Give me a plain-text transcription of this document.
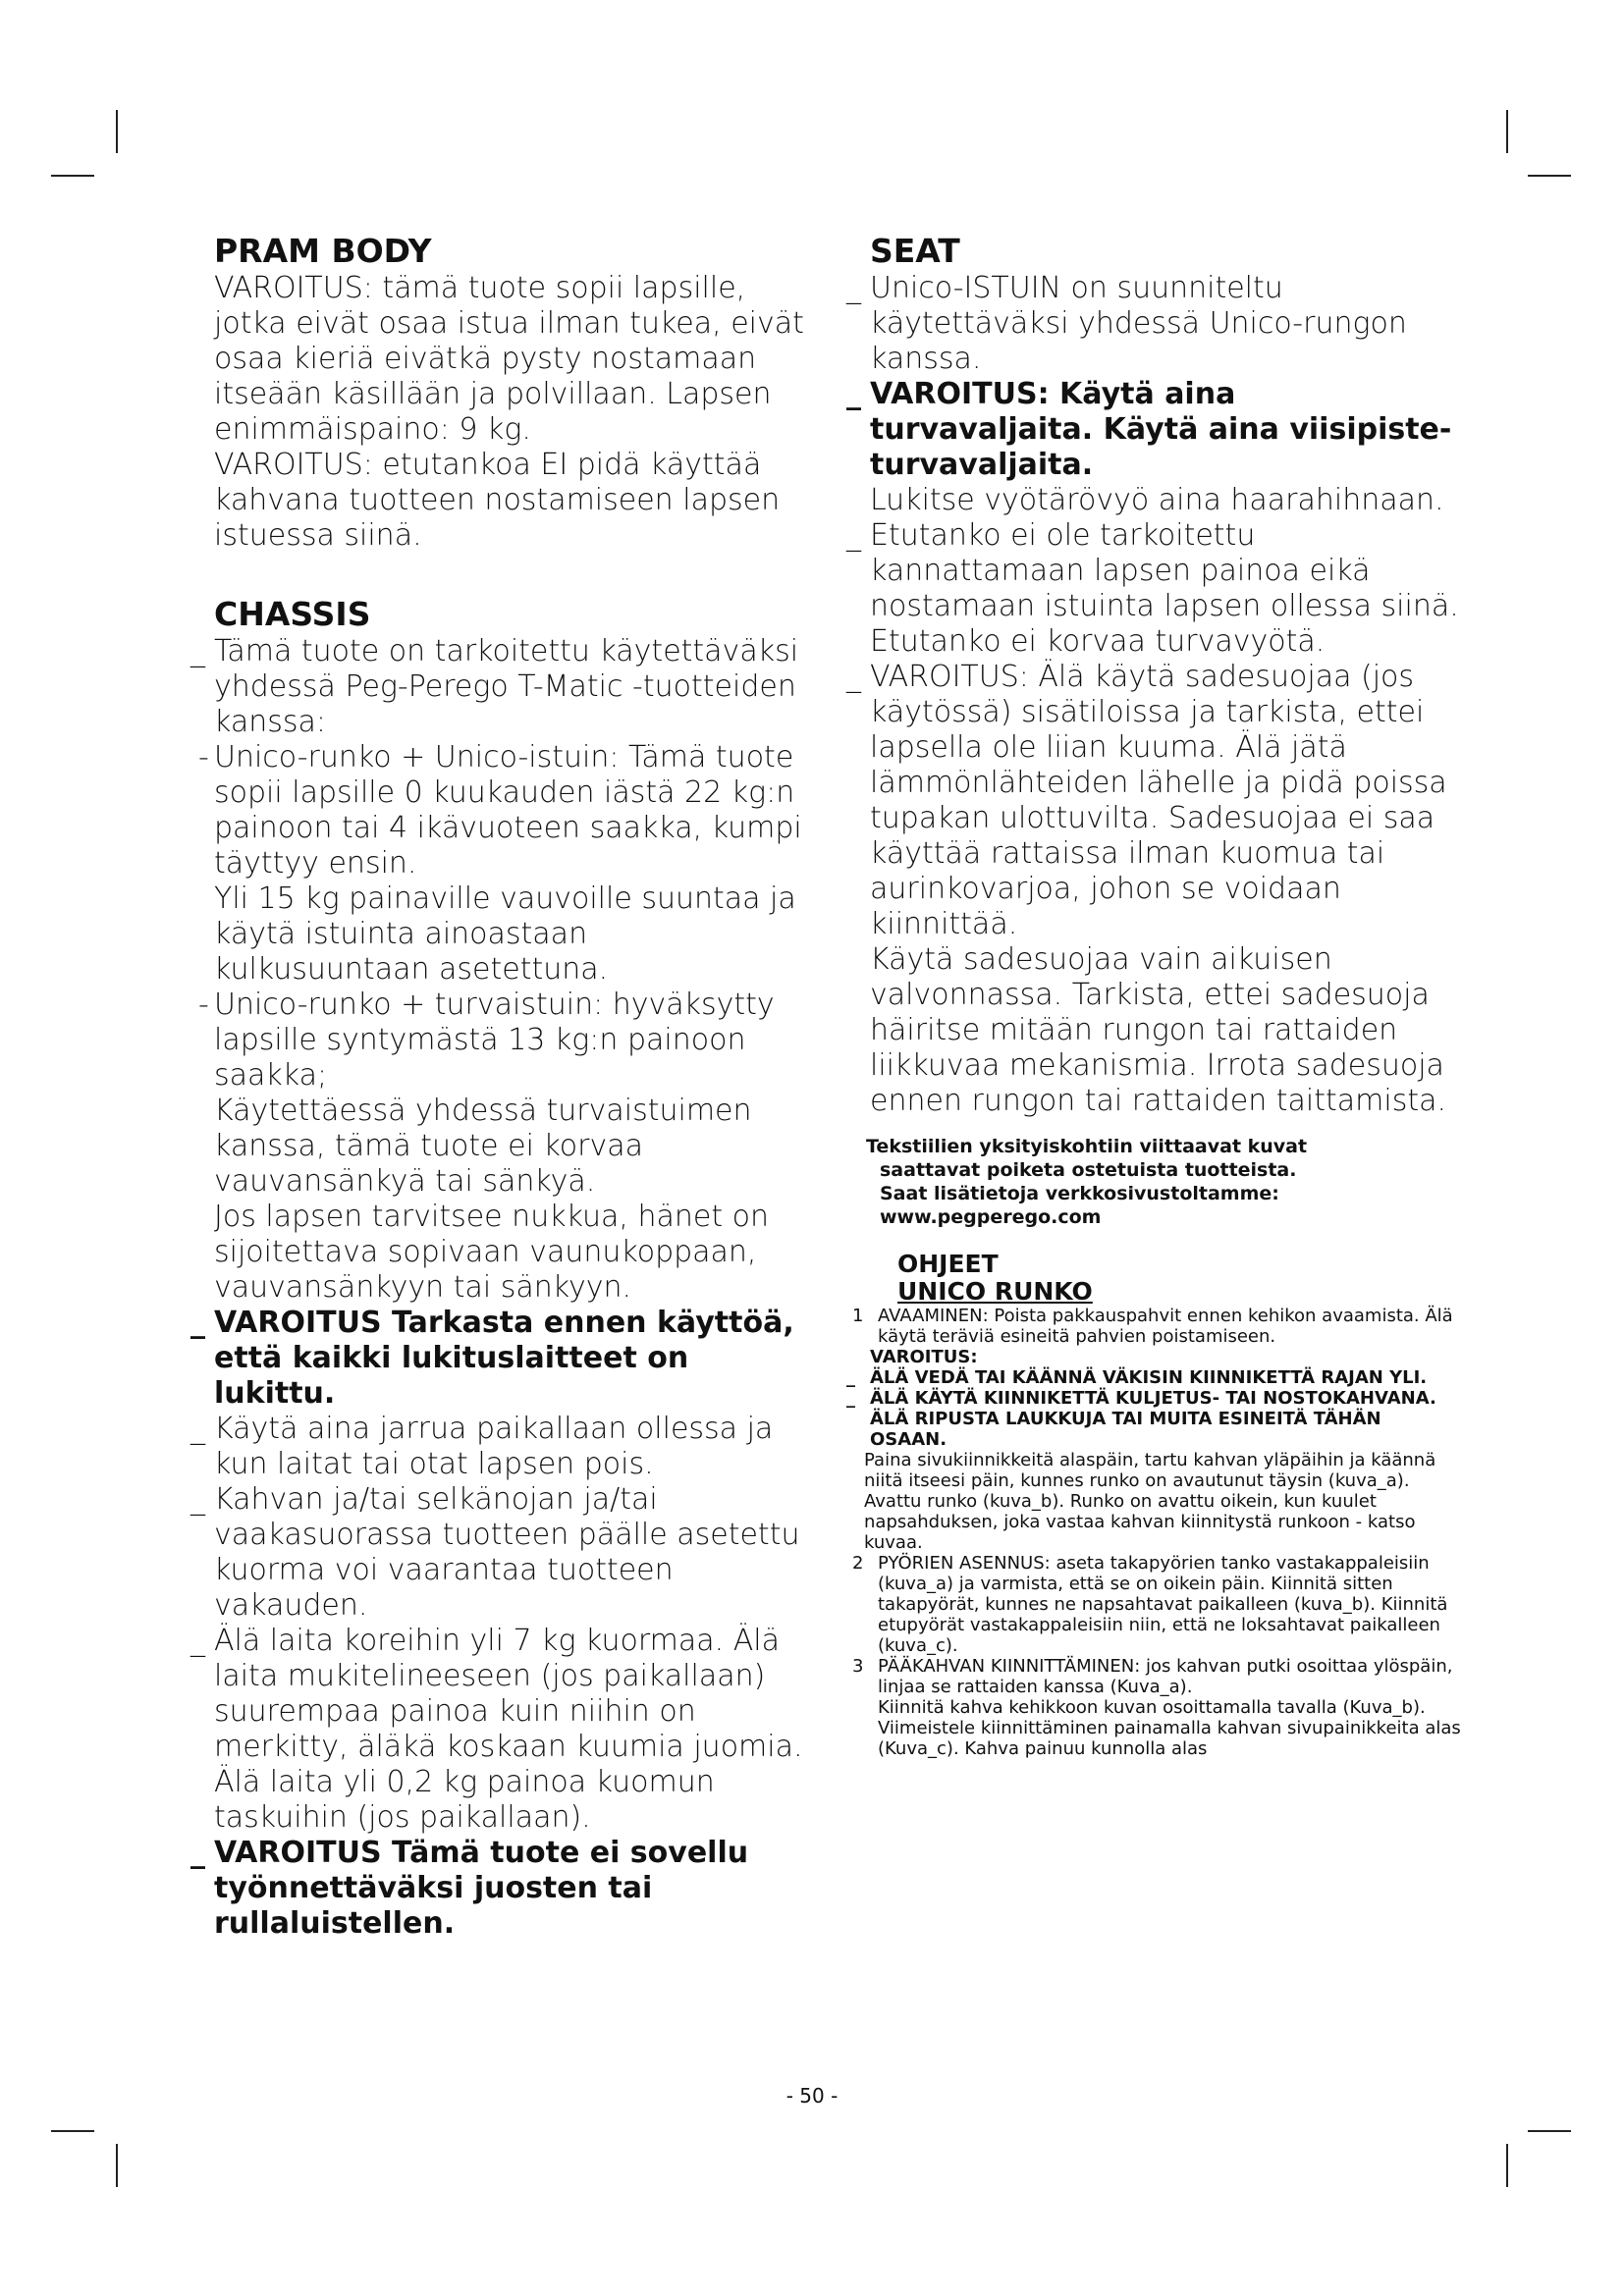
PRAM BODY

VAROITUS: tämä tuote sopii lapsille, jotka eivät osaa istua ilman tukea, eivät osaa kieriä eivätkä pysty nostamaan itseään käsillään ja polvillaan. Lapsen enimmäispaino: 9 kg.

VAROITUS: etutankoa EI pidä käyttää kahvana tuotteen nostamiseen lapsen istuessa siinä.

CHASSIS
_ Tämä tuote on tarkoitettu käytettäväksi yhdessä Peg-Perego T-Matic -tuotteiden kanssa:

- Unico-runko + Unico-istuin: Tämä tuote sopii lapsille 0 kuukauden iästä 22 kg:n painoon tai 4 ikävuoteen saakka, kumpi täyttyy ensin.

Yli 15 kg painaville vauvoille suuntaa ja käytä istuinta ainoastaan kulkusuuntaan asetettuna.

- Unico-runko + turvaistuin: hyväksytty lapsille syntymästä 13 kg:n painoon saakka;

Käytettäessä yhdessä turvaistuimen kanssa, tämä tuote ei korvaa vauvansänkyä tai sänkyä.

Jos lapsen tarvitsee nukkua, hänet on sijoitettava sopivaan vaunukoppaan, vauvansänkyyn tai sänkyyn.

_ VAROITUS Tarkasta ennen käyttöä, että kaikki lukituslaitteet on lukittu.

_ Käytä aina jarrua paikallaan ollessa ja kun laitat tai otat lapsen pois.

_ Kahvan ja/tai selkänojan ja/tai vaakasuorassa tuotteen päälle asetettu kuorma voi vaarantaa tuotteen vakauden.

_ Älä laita koreihin yli 7 kg kuormaa. Älä laita mukitelineeseen (jos paikallaan) suurempaa painoa kuin niihin on merkitty, äläkä koskaan kuumia juomia. Älä laita yli 0,2 kg painoa kuomun taskuihin (jos paikallaan).

_ VAROITUS Tämä tuote ei sovellu työnnettäväksi juosten tai rullaluistellen.

SEAT
_ Unico-ISTUIN on suunniteltu käytettäväksi yhdessä Unico-rungon kanssa.

_ VAROITUS: Käytä aina turvavaljaita. Käytä aina viisipiste-turvavaljaita.

Lukitse vyötärövyö aina haarahihnaan.

_ Etutanko ei ole tarkoitettu kannattamaan lapsen painoa eikä nostamaan istuinta lapsen ollessa siinä. Etutanko ei korvaa turvavyötä.

_ VAROITUS: Älä käytä sadesuojaa (jos käytössä) sisätiloissa ja tarkista, ettei lapsella ole liian kuuma. Älä jätä lämmönlähteiden lähelle ja pidä poissa tupakan ulottuvilta. Sadesuojaa ei saa käyttää rattaissa ilman kuomua tai aurinkovarjoa, johon se voidaan kiinnittää.

Käytä sadesuojaa vain aikuisen valvonnassa. Tarkista, ettei sadesuoja häiritse mitään rungon tai rattaiden liikkuvaa mekanismia. Irrota sadesuoja ennen rungon tai rattaiden taittamista.

Tekstiilien yksityiskohtiin viittaavat kuvat
saattavat poiketa ostetuista tuotteista.
Saat lisätietoja verkkosivustoltamme:
www.pegperego.com
OHJEET
UNICO RUNKO
1 AVAAMINEN: Poista pakkauspahvit ennen kehikon avaamista. Älä käytä teräviä esineitä pahvien poistamiseen.

VAROITUS:
_ ÄLÄ VEDÄ TAI KÄÄNNÄ VÄKISIN KIINNIKETTÄ RAJAN YLI.

_ ÄLÄ KÄYTÄ KIINNIKETTÄ KULJETUS- TAI NOSTOKAHVANA.

ÄLÄ RIPUSTA LAUKKUJA TAI MUITA ESINEITÄ TÄHÄN OSAAN.

Paina sivukiinnikkeitä alaspäin, tartu kahvan yläpäihin ja käännä niitä itseesi päin, kunnes runko on avautunut täysin (kuva_a). Avattu runko (kuva_b). Runko on avattu oikein, kun kuulet napsahduksen, joka vastaa kahvan kiinnitystä runkoon - katso kuvaa.

2 PYÖRIEN ASENNUS: aseta takapyörien tanko vastakappaleisiin (kuva_a) ja varmista, että se on oikein päin. Kiinnitä sitten takapyörät, kunnes ne napsahtavat paikalleen (kuva_b). Kiinnitä etupyörät vastakappaleisiin niin, että ne loksahtavat paikalleen (kuva_c).

3 PÄÄKAHVAN KIINNITTÄMINEN: jos kahvan putki osoittaa ylöspäin, linjaa se rattaiden kanssa (Kuva_a).

Kiinnitä kahva kehikkoon kuvan osoittamalla tavalla (Kuva_b).

Viimeistele kiinnittäminen painamalla kahvan sivupainikkeita alas (Kuva_c). Kahva painuu kunnolla alas

- 50 -
